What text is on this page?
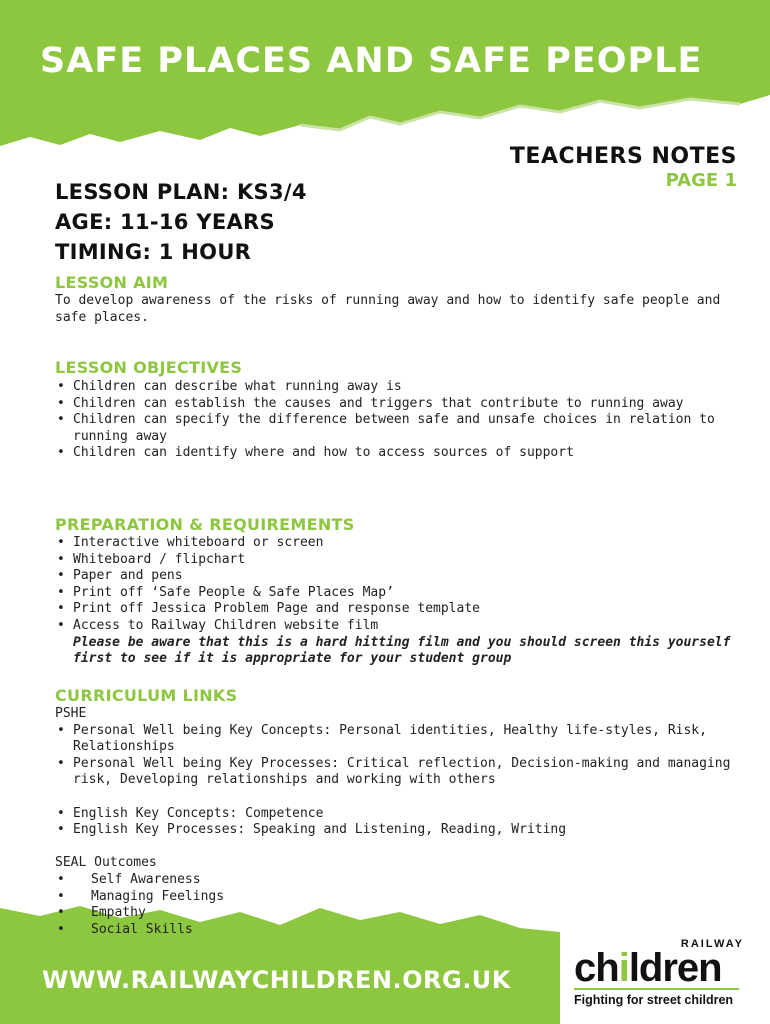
SAFE PLACES AND SAFE PEOPLE
TEACHERS NOTES
PAGE 1
LESSON PLAN: KS3/4
AGE: 11-16 YEARS
TIMING: 1 HOUR
LESSON AIM
To develop awareness of the risks of running away and how to identify safe people and safe places.
LESSON OBJECTIVES
• Children can describe what running away is
• Children can establish the causes and triggers that contribute to running away
• Children can specify the difference between safe and unsafe choices in relation to running away
• Children can identify where and how to access sources of support
PREPARATION & REQUIREMENTS
• Interactive whiteboard or screen
• Whiteboard / flipchart
• Paper and pens
• Print off ‘Safe People & Safe Places Map’
• Print off Jessica Problem Page and response template
• Access to Railway Children website film
Please be aware that this is a hard hitting film and you should screen this yourself first to see if it is appropriate for your student group
CURRICULUM LINKS
PSHE
• Personal Well being Key Concepts: Personal identities, Healthy life-styles, Risk, Relationships
• Personal Well being Key Processes: Critical reflection, Decision-making and managing risk, Developing relationships and working with others
• English Key Concepts: Competence
• English Key Processes: Speaking and Listening, Reading, Writing
SEAL Outcomes
• Self Awareness
• Managing Feelings
• Empathy
• Social Skills
WWW.RAILWAYCHILDREN.ORG.UK
RAILWAY
children
Fighting for street children
